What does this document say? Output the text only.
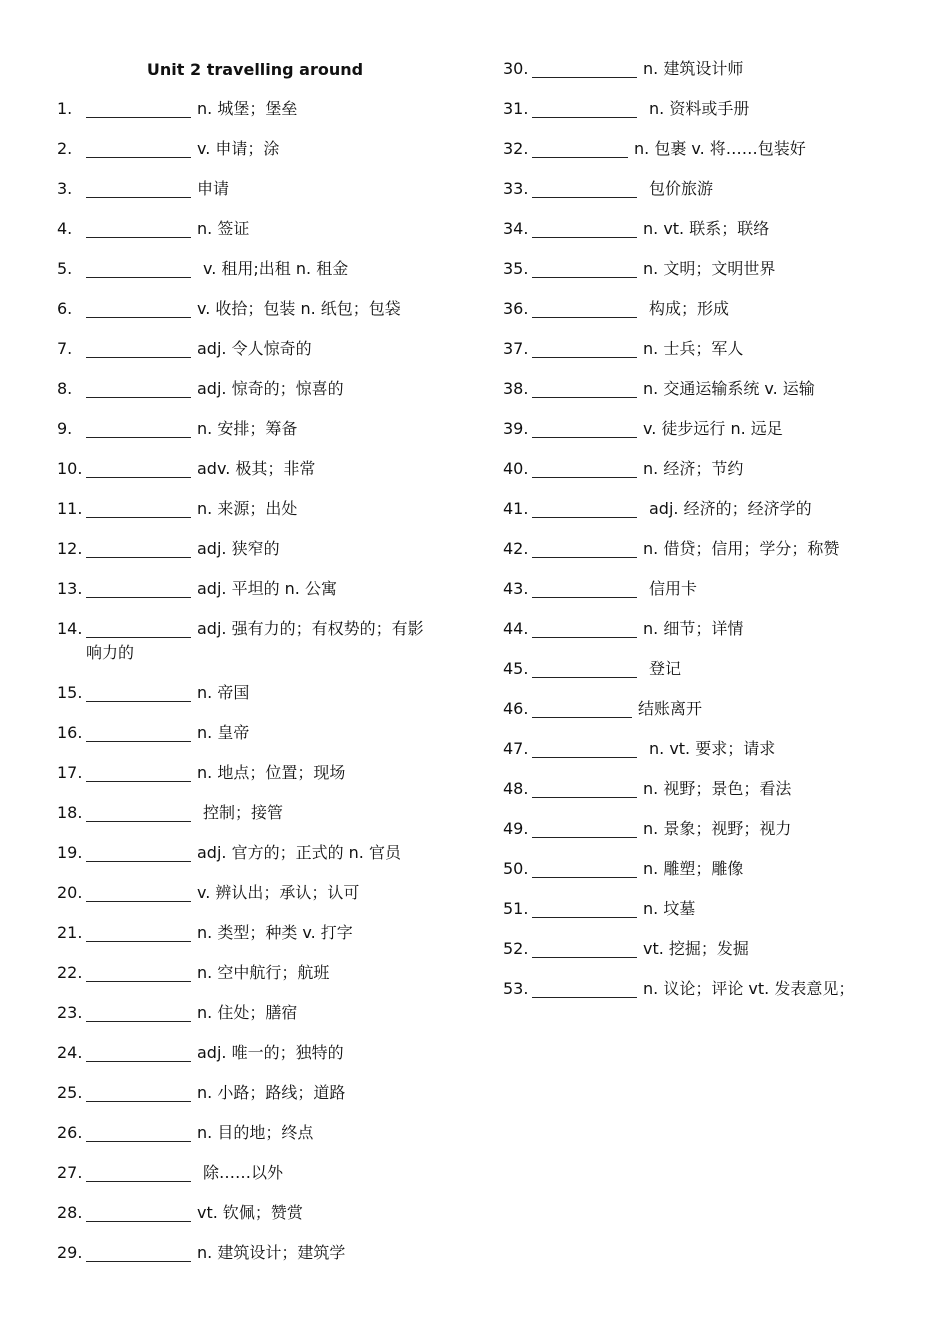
Unit 2 travelling around
1.	n. 城堡；堡垒
2.	v. 申请；涂
3.	申请
4.	n. 签证
5.	v. 租用;出租 n. 租金
6.	v. 收拾；包装 n. 纸包；包袋
7.	adj. 令人惊奇的
8.	adj. 惊奇的；惊喜的
9.	n. 安排；筹备
10.	adv. 极其；非常
11.	n. 来源；出处
12.	adj. 狭窄的
13.	adj. 平坦的 n. 公寓
14.	adj. 强有力的；有权势的；有影
响力的
15.	n. 帝国
16.	n. 皇帝
17.	n. 地点；位置；现场
18.	控制；接管
19.	adj. 官方的；正式的 n. 官员
20.	v. 辨认出；承认；认可
21.	n. 类型；种类 v. 打字
22.	n. 空中航行；航班
23.	n. 住处；膳宿
24.	adj. 唯一的；独特的
25.	n. 小路；路线；道路
26.	n. 目的地；终点
27.	除……以外
28.	vt. 钦佩；赞赏
29.	n. 建筑设计；建筑学
30.	n. 建筑设计师
31.	n. 资料或手册
32.	n. 包裹 v. 将……包装好
33.	包价旅游
34.	n. vt. 联系；联络
35.	n. 文明；文明世界
36.	构成；形成
37.	n. 士兵；军人
38.	n. 交通运输系统 v. 运输
39.	v. 徒步远行 n. 远足
40.	n. 经济；节约
41.	adj. 经济的；经济学的
42.	n. 借贷；信用；学分；称赞
43.	信用卡
44.	n. 细节；详情
45.	登记
46.	结账离开
47.	n. vt. 要求；请求
48.	n. 视野；景色；看法
49.	n. 景象；视野；视力
50.	n. 雕塑；雕像
51.	n. 坟墓
52.	vt. 挖掘；发掘
53.	n. 议论；评论 vt. 发表意见；
